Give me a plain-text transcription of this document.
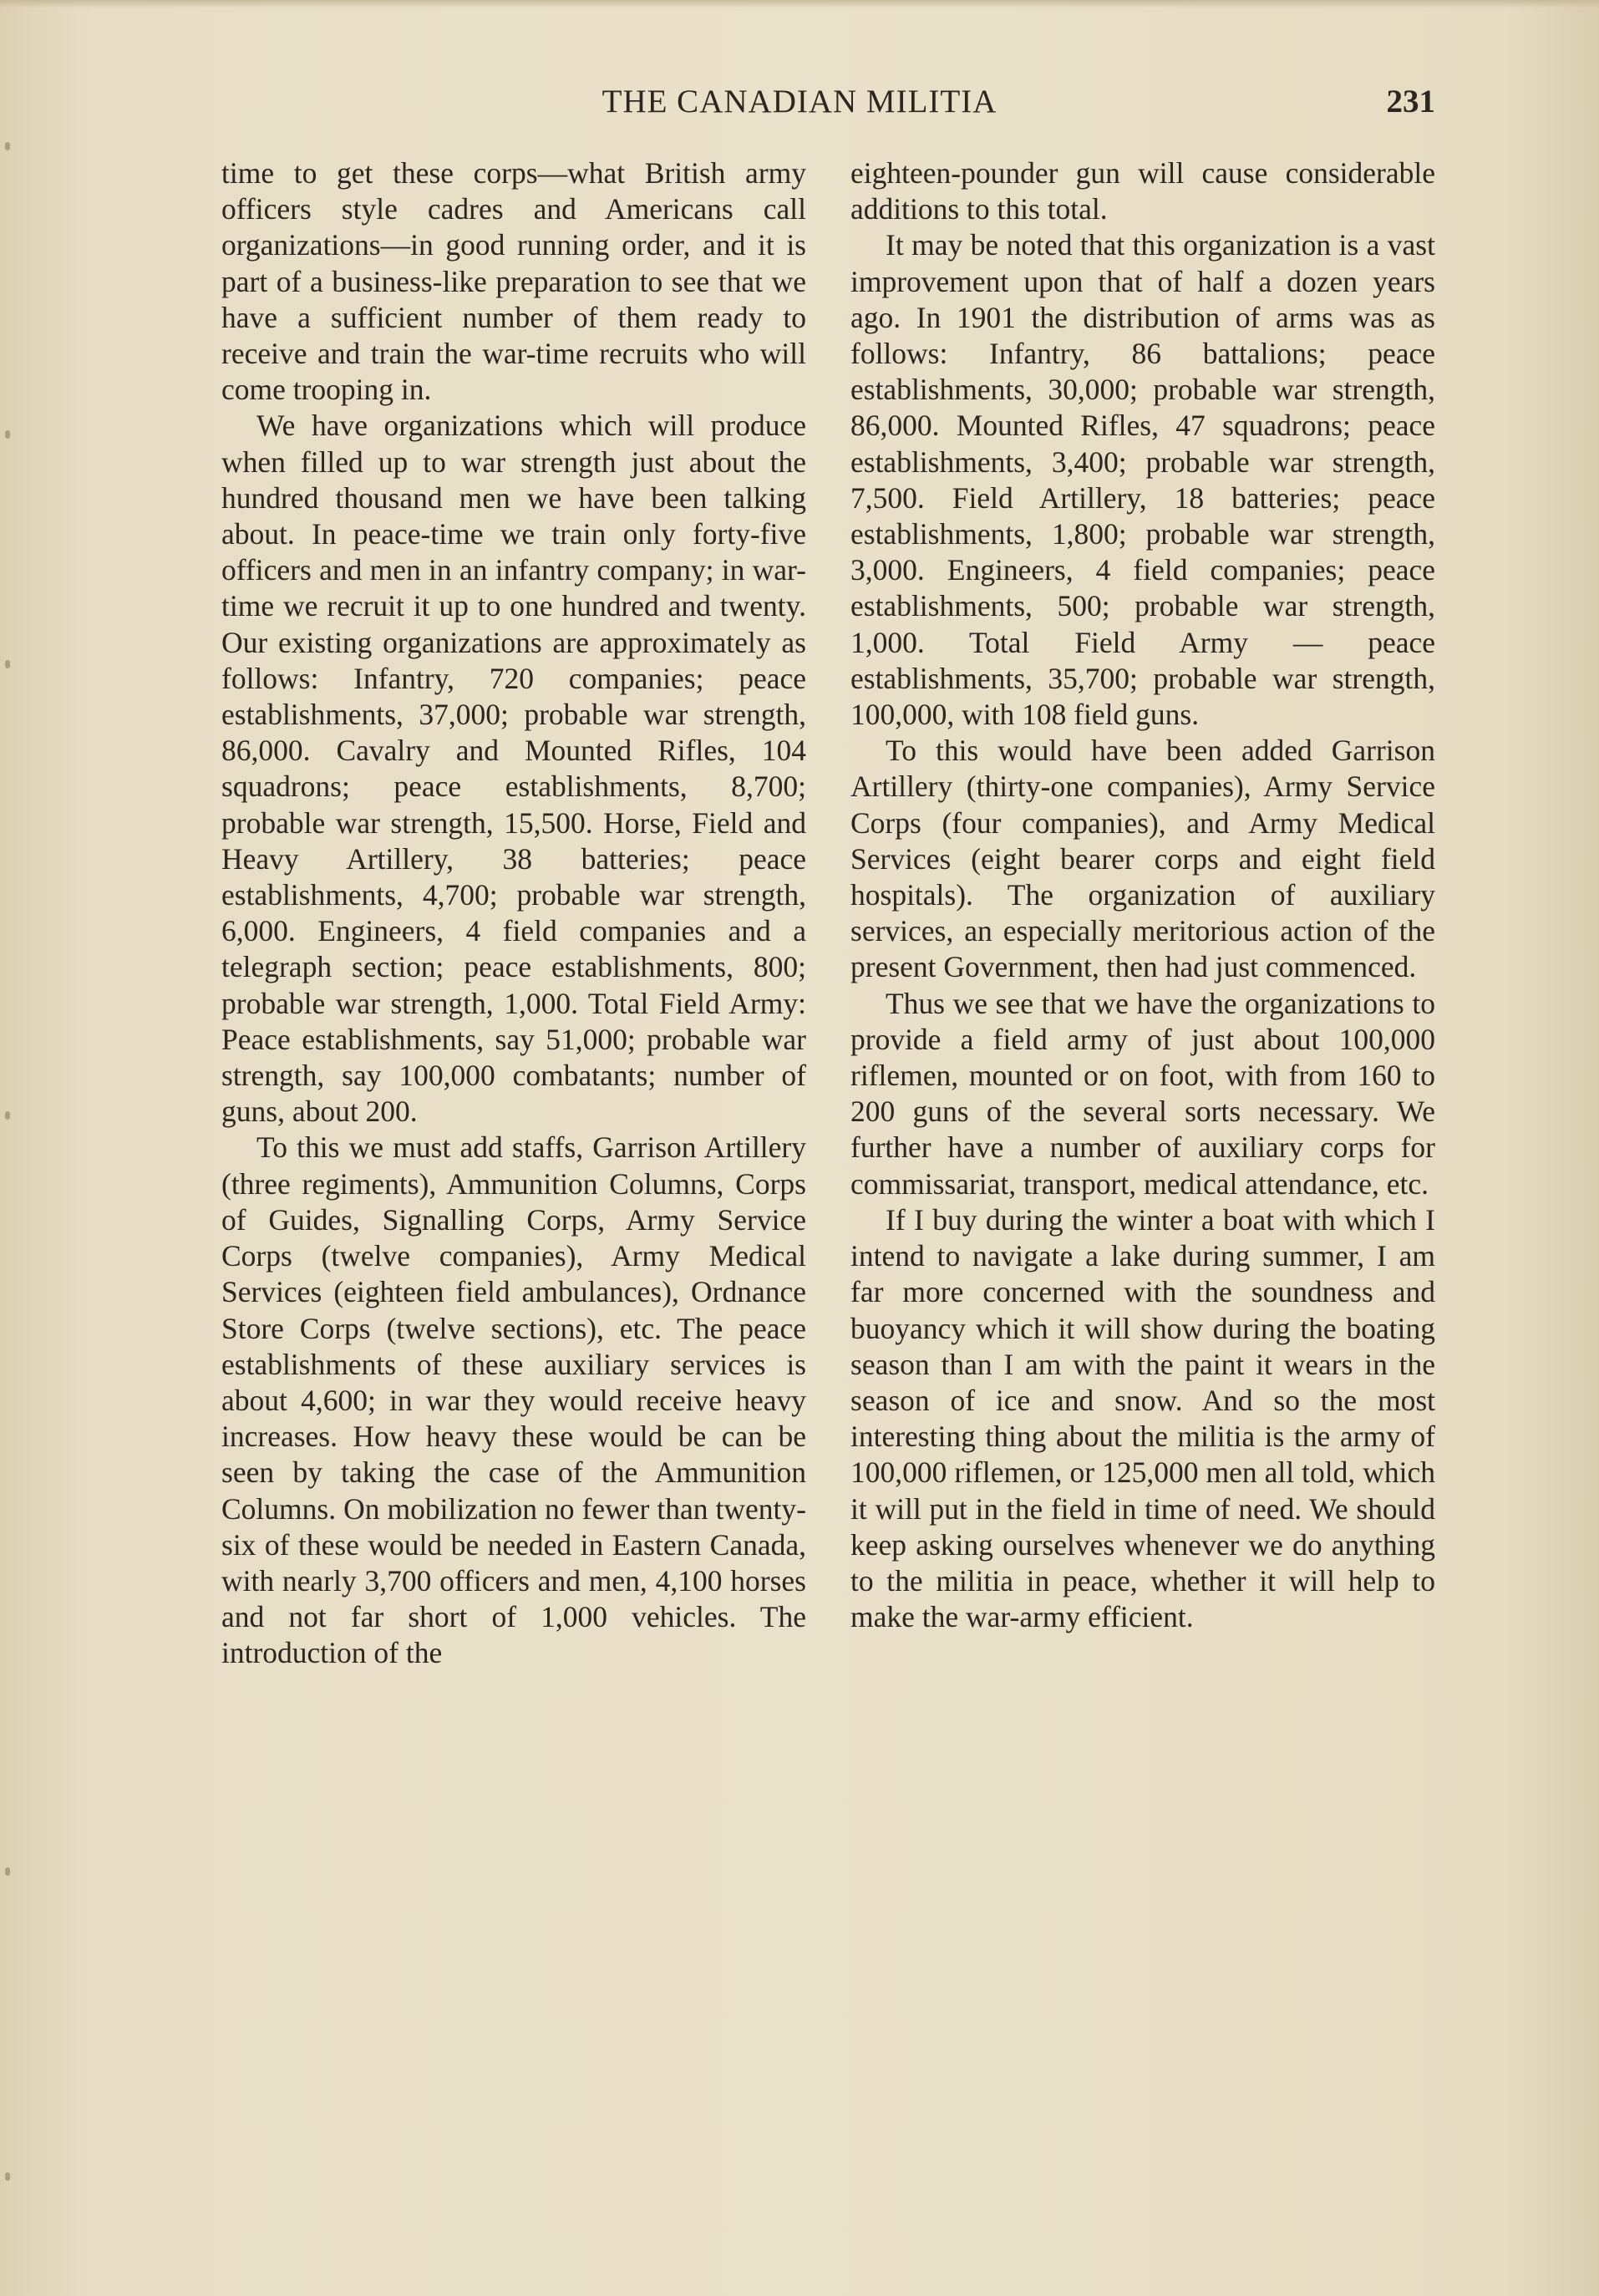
THE CANADIAN MILITIA	231

time to get these corps—what British army officers style cadres and Americans call organizations—in good running order, and it is part of a business-like preparation to see that we have a sufficient number of them ready to receive and train the war-time recruits who will come trooping in.

We have organizations which will produce when filled up to war strength just about the hundred thousand men we have been talking about. In peace-time we train only forty-five officers and men in an infantry company; in war-time we recruit it up to one hundred and twenty. Our existing organizations are approximately as follows: Infantry, 720 companies; peace establishments, 37,000; probable war strength, 86,000. Cavalry and Mounted Rifles, 104 squadrons; peace establishments, 8,700; probable war strength, 15,500. Horse, Field and Heavy Artillery, 38 batteries; peace establishments, 4,700; probable war strength, 6,000. Engineers, 4 field companies and a telegraph section; peace establishments, 800; probable war strength, 1,000. Total Field Army: Peace establishments, say 51,000; probable war strength, say 100,000 combatants; number of guns, about 200.

To this we must add staffs, Garrison Artillery (three regiments), Ammunition Columns, Corps of Guides, Signalling Corps, Army Service Corps (twelve companies), Army Medical Services (eighteen field ambulances), Ordnance Store Corps (twelve sections), etc. The peace establishments of these auxiliary services is about 4,600; in war they would receive heavy increases. How heavy these would be can be seen by taking the case of the Ammunition Columns. On mobilization no fewer than twenty-six of these would be needed in Eastern Canada, with nearly 3,700 officers and men, 4,100 horses and not far short of 1,000 vehicles. The introduction of the

eighteen-pounder gun will cause considerable additions to this total.

It may be noted that this organization is a vast improvement upon that of half a dozen years ago. In 1901 the distribution of arms was as follows: Infantry, 86 battalions; peace establishments, 30,000; probable war strength, 86,000. Mounted Rifles, 47 squadrons; peace establishments, 3,400; probable war strength, 7,500. Field Artillery, 18 batteries; peace establishments, 1,800; probable war strength, 3,000. Engineers, 4 field companies; peace establishments, 500; probable war strength, 1,000. Total Field Army — peace establishments, 35,700; probable war strength, 100,000, with 108 field guns.

To this would have been added Garrison Artillery (thirty-one companies), Army Service Corps (four companies), and Army Medical Services (eight bearer corps and eight field hospitals). The organization of auxiliary services, an especially meritorious action of the present Government, then had just commenced.

Thus we see that we have the organizations to provide a field army of just about 100,000 riflemen, mounted or on foot, with from 160 to 200 guns of the several sorts necessary. We further have a number of auxiliary corps for commissariat, transport, medical attendance, etc.

If I buy during the winter a boat with which I intend to navigate a lake during summer, I am far more concerned with the soundness and buoyancy which it will show during the boating season than I am with the paint it wears in the season of ice and snow. And so the most interesting thing about the militia is the army of 100,000 riflemen, or 125,000 men all told, which it will put in the field in time of need. We should keep asking ourselves whenever we do anything to the militia in peace, whether it will help to make the war-army efficient.
